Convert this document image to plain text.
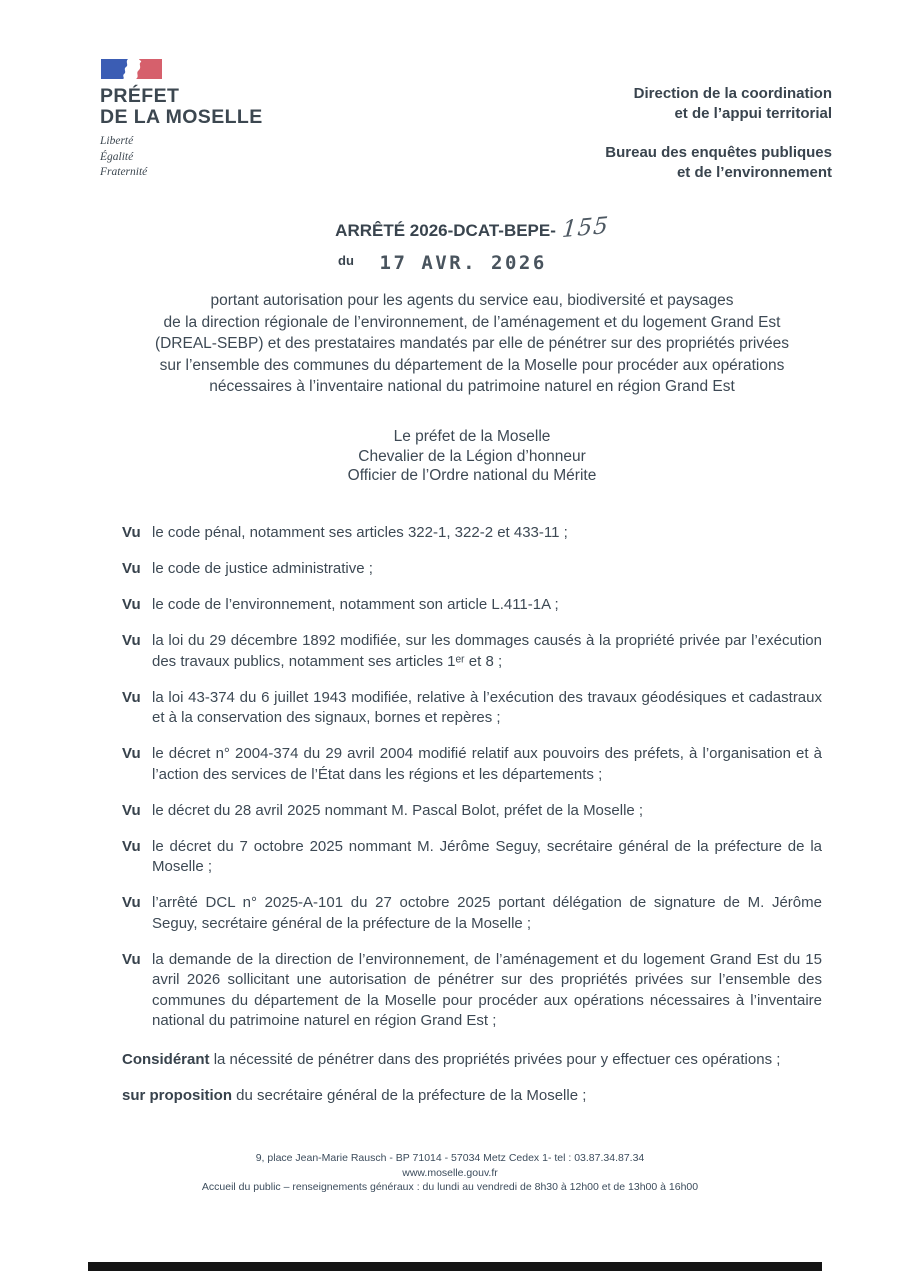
PRÉFET
DE LA MOSELLE
Liberté
Égalité
Fraternité
Direction de la coordination
et de l’appui territorial
Bureau des enquêtes publiques
et de l’environnement
ARRÊTÉ 2026-DCAT-BEPE- 155
du 17 AVR. 2026
portant autorisation pour les agents du service eau, biodiversité et paysages
de la direction régionale de l’environnement, de l’aménagement et du logement Grand Est
(DREAL-SEBP) et des prestataires mandatés par elle de pénétrer sur des propriétés privées
sur l’ensemble des communes du département de la Moselle pour procéder aux opérations
nécessaires à l’inventaire national du patrimoine naturel en région Grand Est
Le préfet de la Moselle
Chevalier de la Légion d’honneur
Officier de l’Ordre national du Mérite
Vu le code pénal, notamment ses articles 322-1, 322-2 et 433-11 ;
Vu le code de justice administrative ;
Vu le code de l’environnement, notamment son article L.411-1A ;
Vu la loi du 29 décembre 1892 modifiée, sur les dommages causés à la propriété privée par l’exécution des travaux publics, notamment ses articles 1ᵉʳ et 8 ;
Vu la loi 43-374 du 6 juillet 1943 modifiée, relative à l’exécution des travaux géodésiques et cadastraux et à la conservation des signaux, bornes et repères ;
Vu le décret n° 2004-374 du 29 avril 2004 modifié relatif aux pouvoirs des préfets, à l’organisation et à l’action des services de l’État dans les régions et les départements ;
Vu le décret du 28 avril 2025 nommant M. Pascal Bolot, préfet de la Moselle ;
Vu le décret du 7 octobre 2025 nommant M. Jérôme Seguy, secrétaire général de la préfecture de la Moselle ;
Vu l’arrêté DCL n° 2025-A-101 du 27 octobre 2025 portant délégation de signature de M. Jérôme Seguy, secrétaire général de la préfecture de la Moselle ;
Vu la demande de la direction de l’environnement, de l’aménagement et du logement Grand Est du 15 avril 2026 sollicitant une autorisation de pénétrer sur des propriétés privées sur l’ensemble des communes du département de la Moselle pour procéder aux opérations nécessaires à l’inventaire national du patrimoine naturel en région Grand Est ;

Considérant la nécessité de pénétrer dans des propriétés privées pour y effectuer ces opérations ;

sur proposition du secrétaire général de la préfecture de la Moselle ;

9, place Jean-Marie Rausch - BP 71014 - 57034 Metz Cedex 1- tel : 03.87.34.87.34
www.moselle.gouv.fr
Accueil du public – renseignements généraux : du lundi au vendredi de 8h30 à 12h00 et de 13h00 à 16h00
